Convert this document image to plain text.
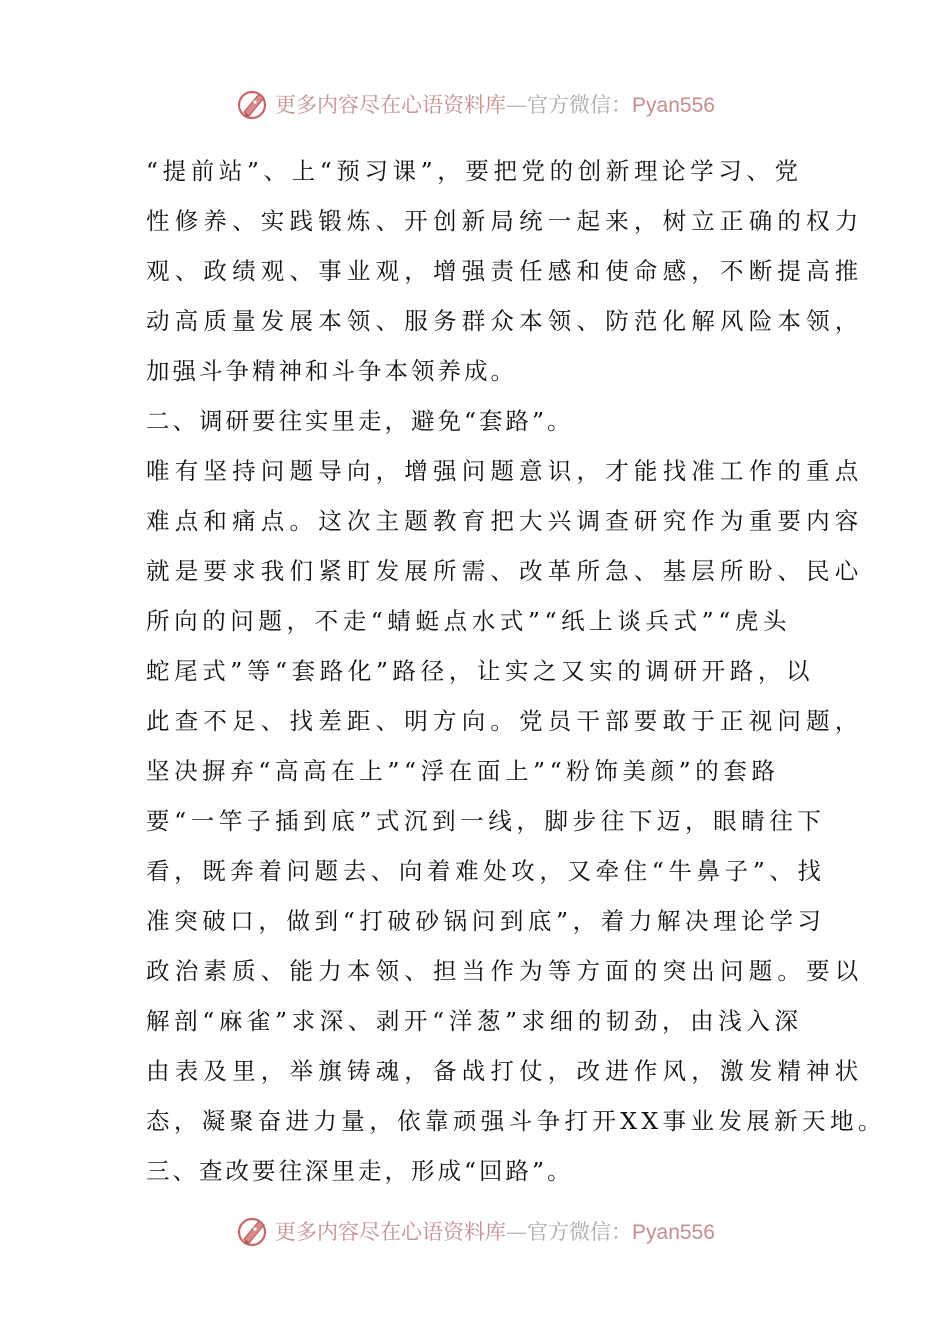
更多内容尽在心语资料库—官方微信：Pyan556
“提前站”、上“预习课”，要把党的创新理论学习、党
性修养、实践锻炼、开创新局统一起来，树立正确的权力
观、政绩观、事业观，增强责任感和使命感，不断提高推
动高质量发展本领、服务群众本领、防范化解风险本领，
加强斗争精神和斗争本领养成。
二、调研要往实里走，避免“套路”。
唯有坚持问题导向，增强问题意识，才能找准工作的重点
难点和痛点。这次主题教育把大兴调查研究作为重要内容
就是要求我们紧盯发展所需、改革所急、基层所盼、民心
所向的问题，不走“蜻蜓点水式”“纸上谈兵式”“虎头
蛇尾式”等“套路化”路径，让实之又实的调研开路，以
此查不足、找差距、明方向。党员干部要敢于正视问题，
坚决摒弃“高高在上”“浮在面上”“粉饰美颜”的套路
要“一竿子插到底”式沉到一线，脚步往下迈，眼睛往下
看，既奔着问题去、向着难处攻，又牵住“牛鼻子”、找
准突破口，做到“打破砂锅问到底”，着力解决理论学习
政治素质、能力本领、担当作为等方面的突出问题。要以
解剖“麻雀”求深、剥开“洋葱”求细的韧劲，由浅入深
由表及里，举旗铸魂，备战打仗，改进作风，激发精神状
态，凝聚奋进力量，依靠顽强斗争打开XX事业发展新天地。
三、查改要往深里走，形成“回路”。
更多内容尽在心语资料库—官方微信：Pyan556
